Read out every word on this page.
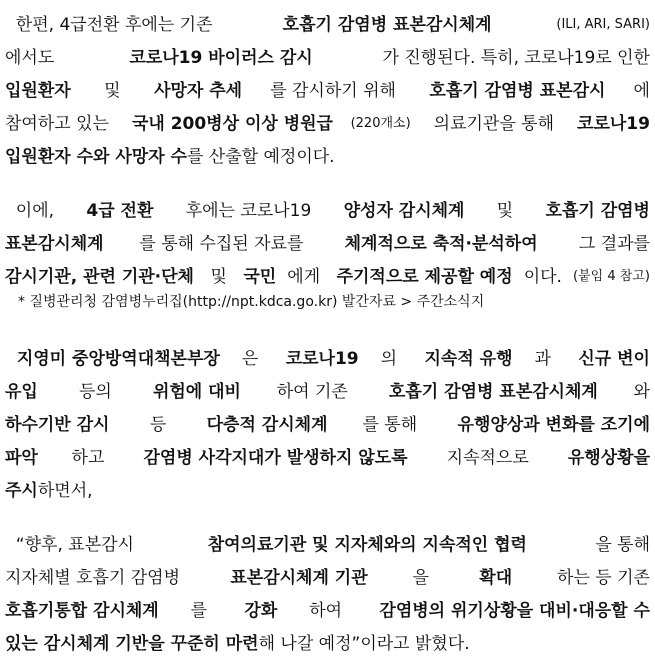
한편, 4급전환 후에는 기존	호흡기 감염병 표본감시체계	(ILI, ARI, SARI)
에서도	코로나19 바이러스 감시	가 진행된다. 특히, 코로나19로 인한
입원환자 및 사망자 추세 를 감시하기 위해 호흡기 감염병 표본감시 에
참여하고 있는 국내 200병상 이상 병원급 (220개소) 의료기관을 통해 코로나19
입원환자 수와 사망자 수 를 산출할 예정이다.
이에, 4급 전환 후에는 코로나19 양성자 감시체계 및 호흡기 감염병
표본감시체계 를 통해 수집된 자료를 체계적으로 축적·분석하여 그 결과를
감시기관, 관련 기관·단체 및 국민 에게 주기적으로 제공할 예정 이다. (붙임 4 참고)
* 질병관리청 감염병누리집(http://npt.kdca.go.kr) 발간자료 > 주간소식지
지영미 중앙방역대책본부장 은 코로나19 의 지속적 유행 과 신규 변이
유입 등의 위험에 대비 하여 기존 호흡기 감염병 표본감시체계 와
하수기반 감시 등 다층적 감시체계 를 통해 유행양상과 변화를 조기에
파악 하고 감염병 사각지대가 발생하지 않도록 지속적으로 유행상황을
주시 하면서,
“향후, 표본감시	참여의료기관 및 지자체와의 지속적인 협력	을 통해
지자체별 호흡기 감염병	표본감시체계 기관	을	확대	하는 등 기존
호흡기통합 감시체계 를 강화 하여 감염병의 위기상황을 대비·대응할 수
있는 감시체계 기반을 꾸준히 마련 해 나갈 예정”이라고 밝혔다.
